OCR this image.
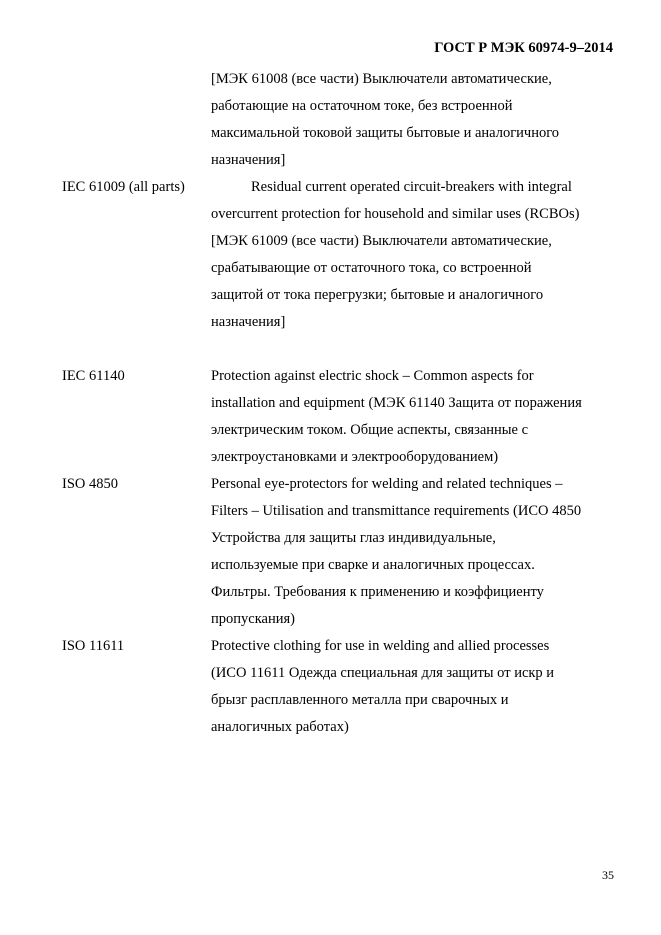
ГОСТ Р МЭК 60974-9–2014
[МЭК 61008 (все части) Выключатели автоматические,
работающие на остаточном токе, без встроенной
максимальной токовой защиты бытовые и аналогичного
назначения]
IEC 61009 (all parts)	Residual current operated circuit-breakers with integral
overcurrent protection for household and similar uses (RCBOs)
[МЭК 61009 (все части) Выключатели автоматические,
срабатывающие от остаточного тока, со встроенной
защитой от тока перегрузки; бытовые и аналогичного
назначения]
IEC 61140	Protection against electric shock – Common aspects for
installation and equipment (МЭК 61140 Защита от поражения
электрическим током. Общие аспекты, связанные с
электроустановками и электрооборудованием)
ISO 4850	Personal eye-protectors for welding and related techniques –
Filters – Utilisation and transmittance requirements (ИСО 4850
Устройства для защиты глаз индивидуальные,
используемые при сварке и аналогичных процессах.
Фильтры. Требования к применению и коэффициенту
пропускания)
ISO 11611	Protective clothing for use in welding and allied processes
(ИСО 11611 Одежда специальная для защиты от искр и
брызг расплавленного металла при сварочных и
аналогичных работах)
35
